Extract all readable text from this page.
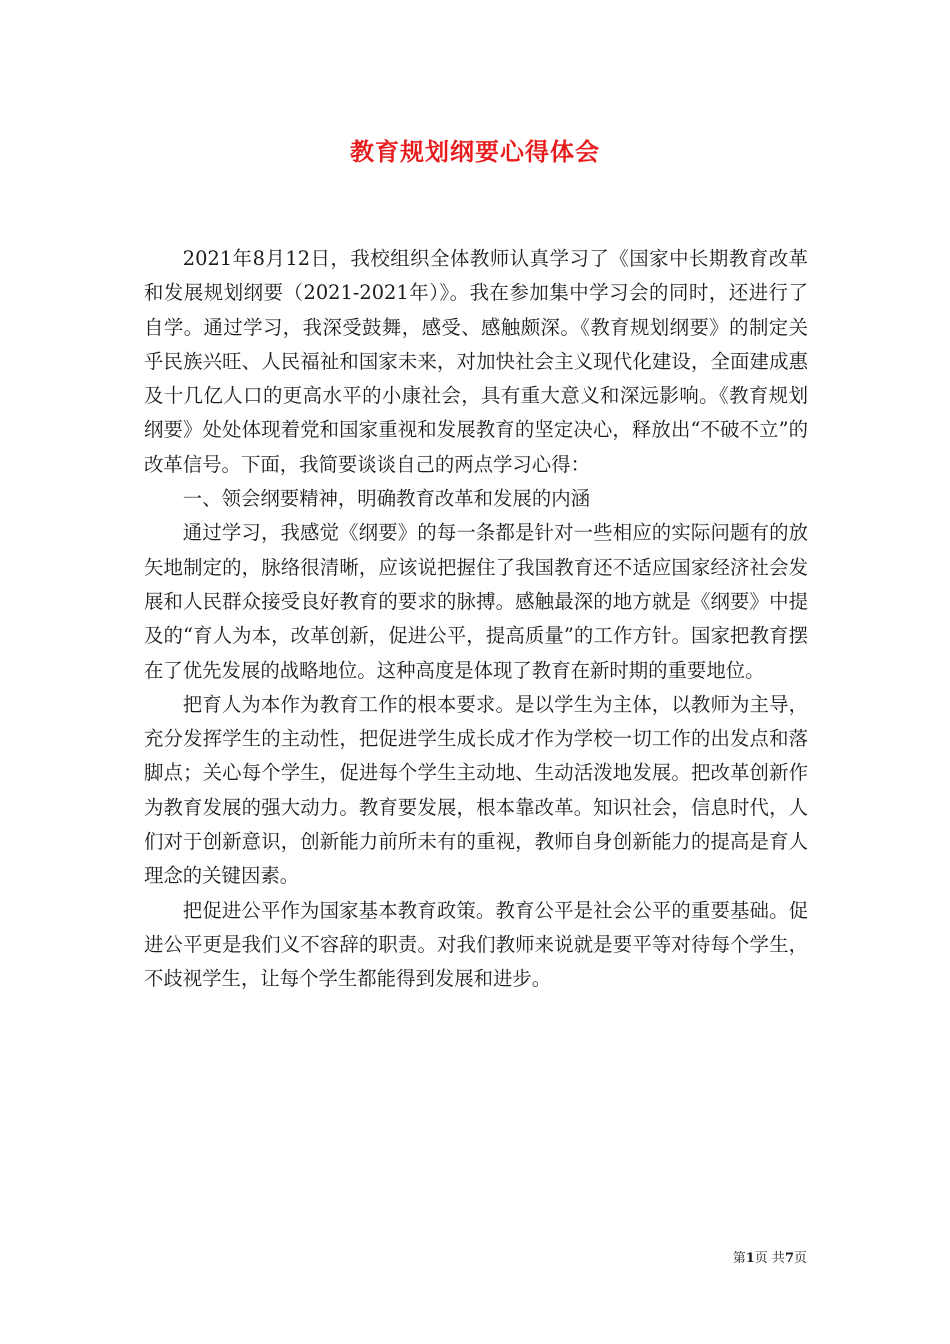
教育规划纲要心得体会

2021年8月12日，我校组织全体教师认真学习了《国家中长期教育改革和发展规划纲要（2021-2021年）》。我在参加集中学习会的同时，还进行了自学。通过学习，我深受鼓舞，感受、感触颇深。《教育规划纲要》的制定关乎民族兴旺、人民福祉和国家未来，对加快社会主义现代化建设，全面建成惠及十几亿人口的更高水平的小康社会，具有重大意义和深远影响。《教育规划纲要》处处体现着党和国家重视和发展教育的坚定决心，释放出“不破不立”的改革信号。下面，我简要谈谈自己的两点学习心得：

一、领会纲要精神，明确教育改革和发展的内涵

通过学习，我感觉《纲要》的每一条都是针对一些相应的实际问题有的放矢地制定的，脉络很清晰，应该说把握住了我国教育还不适应国家经济社会发展和人民群众接受良好教育的要求的脉搏。感触最深的地方就是《纲要》中提及的“育人为本，改革创新，促进公平，提高质量”的工作方针。国家把教育摆在了优先发展的战略地位。这种高度是体现了教育在新时期的重要地位。

把育人为本作为教育工作的根本要求。是以学生为主体，以教师为主导，充分发挥学生的主动性，把促进学生成长成才作为学校一切工作的出发点和落脚点；关心每个学生，促进每个学生主动地、生动活泼地发展。把改革创新作为教育发展的强大动力。教育要发展，根本靠改革。知识社会，信息时代，人们对于创新意识，创新能力前所未有的重视，教师自身创新能力的提高是育人理念的关键因素。

把促进公平作为国家基本教育政策。教育公平是社会公平的重要基础。促进公平更是我们义不容辞的职责。对我们教师来说就是要平等对待每个学生，不歧视学生，让每个学生都能得到发展和进步。

第1页 共7页
